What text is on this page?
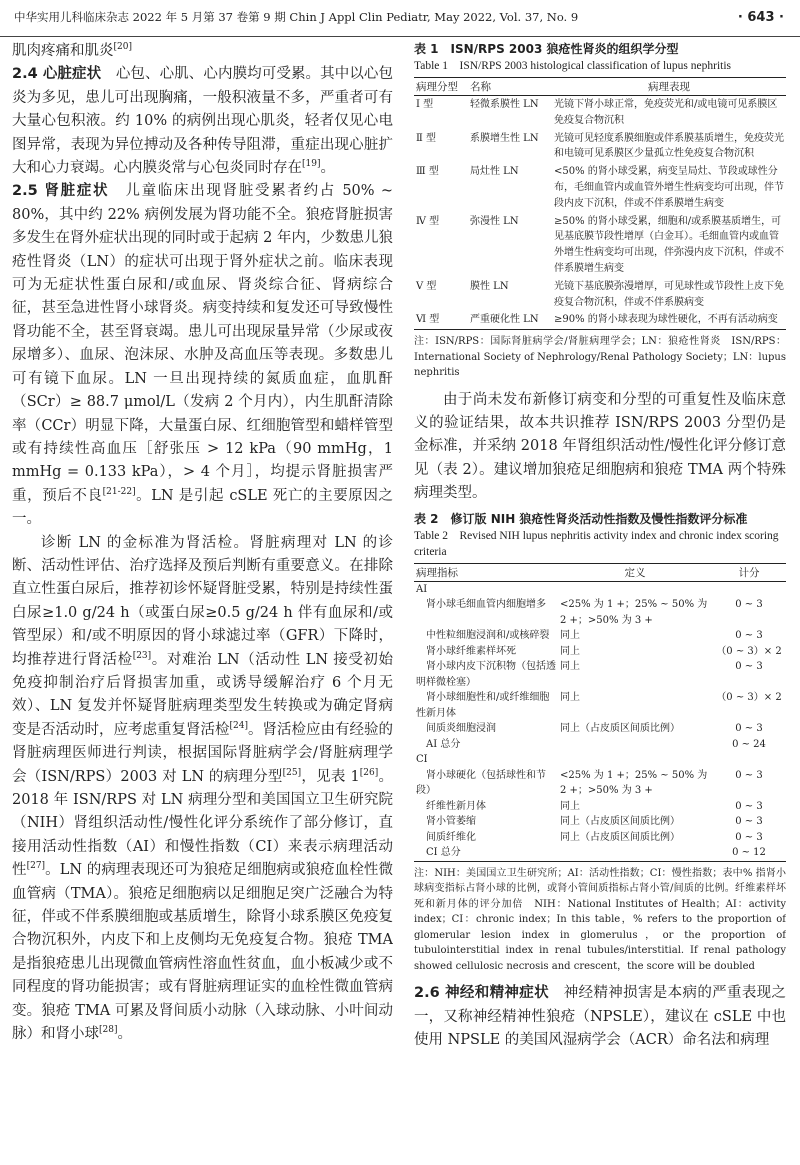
中华实用儿科临床杂志 2022 年 5 月第 37 卷第 9 期 Chin J Appl Clin Pediatr, May 2022, Vol. 37, No. 9	· 643 ·

肌肉疼痛和肌炎[20]

2.4 心脏症状　 心包、心肌、心内膜均可受累。其中以心包炎为多见，患儿可出现胸痛，一般积液量不多，严重者可有大量心包积液。约 10% 的病例出现心肌炎，轻者仅见心电图异常，表现为异位搏动及各种传导阻滞，重症出现心脏扩大和心力衰竭。心内膜炎常与心包炎同时存在[19]。

2.5 肾脏症状　 儿童临床出现肾脏受累者约占 50% ~ 80%，其中约 22% 病例发展为肾功能不全。狼疮肾脏损害多发生在肾外症状出现的同时或于起病 2 年内，少数患儿狼疮性肾炎（LN）的症状可出现于肾外症状之前。临床表现可为无症状性蛋白尿和/或血尿、肾炎综合征、肾病综合征，甚至急进性肾小球肾炎。病变持续和复发还可导致慢性肾功能不全，甚至肾衰竭。患儿可出现尿量异常（少尿或夜尿增多）、血尿、泡沫尿、水肿及高血压等表现。多数患儿可有镜下血尿。LN 一旦出现持续的氮质血症，血肌酐（SCr）≥ 88.7 μmol/L（发病 2 个月内），内生肌酐清除率（CCr）明显下降，大量蛋白尿、红细胞管型和蜡样管型或有持续性高血压［舒张压 > 12 kPa（90 mmHg，1 mmHg = 0.133 kPa），> 4 个月］，均提示肾脏损害严重，预后不良[21-22]。LN 是引起 cSLE 死亡的主要原因之一。

诊断 LN 的金标准为肾活检。肾脏病理对 LN 的诊断、活动性评估、治疗选择及预后判断有重要意义。在排除直立性蛋白尿后，推荐初诊怀疑肾脏受累，特别是持续性蛋白尿≥1.0 g/24 h（或蛋白尿≥0.5 g/24 h 伴有血尿和/或管型尿）和/或不明原因的肾小球滤过率（GFR）下降时，均推荐进行肾活检[23]。对难治 LN（活动性 LN 接受初始免疫抑制治疗后肾损害加重，或诱导缓解治疗 6 个月无效）、LN 复发并怀疑肾脏病理类型发生转换或为确定肾病变是否活动时，应考虑重复肾活检[24]。肾活检应由有经验的肾脏病理医师进行判读，根据国际肾脏病学会/肾脏病理学会（ISN/RPS）2003 对 LN 的病理分型[25]，见表 1[26]。2018 年 ISN/RPS 对 LN 病理分型和美国国立卫生研究院（NIH）肾组织活动性/慢性化评分系统作了部分修订，直接用活动性指数（AI）和慢性指数（CI）来表示病理活动性[27]。LN 的病理表现还可为狼疮足细胞病或狼疮血栓性微血管病（TMA）。狼疮足细胞病以足细胞足突广泛融合为特征，伴或不伴系膜细胞或基质增生，除肾小球系膜区免疫复合物沉积外，内皮下和上皮侧均无免疫复合物。狼疮 TMA 是指狼疮患儿出现微血管病性溶血性贫血，血小板减少或不同程度的肾功能损害；或有肾脏病理证实的血栓性微血管病变。狼疮 TMA 可累及肾间质小动脉（入球动脉、小叶间动脉）和肾小球[28]。

表 1　ISN/RPS 2003 狼疮性肾炎的组织学分型

Table 1　ISN/RPS 2003 histological classification of lupus nephritis

病理分型	名称	病理表现
Ⅰ 型	轻微系膜性 LN	光镜下肾小球正常，免疫荧光和/或电镜可见系膜区免疫复合物沉积
Ⅱ 型	系膜增生性 LN	光镜可见轻度系膜细胞或伴系膜基质增生，免疫荧光和电镜可见系膜区少量孤立性免疫复合物沉积
Ⅲ 型	局灶性 LN	<50% 的肾小球受累，病变呈局灶、节段或球性分布，毛细血管内或血管外增生性病变均可出现，伴节段内皮下沉积，伴或不伴系膜增生病变
Ⅳ 型	弥漫性 LN	≥50% 的肾小球受累，细胞和/或系膜基质增生，可见基底膜节段性增厚（白金耳）。毛细血管内或血管外增生性病变均可出现，伴弥漫内皮下沉积，伴或不伴系膜增生病变
Ⅴ 型	膜性 LN	光镜下基底膜弥漫增厚，可见球性或节段性上皮下免疫复合物沉积，伴或不伴系膜病变
Ⅵ 型	严重硬化性 LN	≥90% 的肾小球表现为球性硬化，不再有活动病变

注：ISN/RPS：国际肾脏病学会/肾脏病理学会；LN：狼疮性肾炎　ISN/RPS：International Society of Nephrology/Renal Pathology Society；LN：lupus nephritis

由于尚未发布新修订病变和分型的可重复性及临床意义的验证结果，故本共识推荐 ISN/RPS 2003 分型仍是金标准，并采纳 2018 年肾组织活动性/慢性化评分修订意见（表 2）。建议增加狼疮足细胞病和狼疮 TMA 两个特殊病理类型。

表 2　修订版 NIH 狼疮性肾炎活动性指数及慢性指数评分标准

Table 2　Revised NIH lupus nephritis activity index and chronic index scoring criteria

病理指标	定义	计分
AI		
　肾小球毛细血管内细胞增多	<25% 为 1 +；25% ~ 50% 为 2 +；>50% 为 3 +	0 ~ 3
　中性粒细胞浸润和/或核碎裂	同上	0 ~ 3
　肾小球纤维素样坏死	同上	（0 ~ 3）× 2
　肾小球内皮下沉积物（包括透明样微栓塞）	同上	0 ~ 3
　肾小球细胞性和/或纤维细胞性新月体	同上	（0 ~ 3）× 2
　间质炎细胞浸润	同上（占皮质区间质比例）	0 ~ 3
　AI 总分		0 ~ 24
CI		
　肾小球硬化（包括球性和节段）	<25% 为 1 +；25% ~ 50% 为 2 +；>50% 为 3 +	0 ~ 3
　纤维性新月体	同上	0 ~ 3
　肾小管萎缩	同上（占皮质区间质比例）	0 ~ 3
　间质纤维化	同上（占皮质区间质比例）	0 ~ 3
　CI 总分		0 ~ 12

注：NIH：美国国立卫生研究所；AI：活动性指数；CI：慢性指数；表中% 指肾小球病变指标占肾小球的比例，或肾小管间质指标占肾小管/间质的比例。纤维素样坏死和新月体的评分加倍　NIH：National Institutes of Health；AI：activity index；CI：chronic index；In this table，% refers to the proportion of glomerular lesion index in glomerulus，or the proportion of tubulointerstitial index in renal tubules/interstitial. If renal pathology showed cellulosic necrosis and crescent，the score will be doubled

2.6 神经和精神症状　 神经精神损害是本病的严重表现之一，又称神经精神性狼疮（NPSLE），建议在 cSLE 中也使用 NPSLE 的美国风湿病学会（ACR）命名法和病理
